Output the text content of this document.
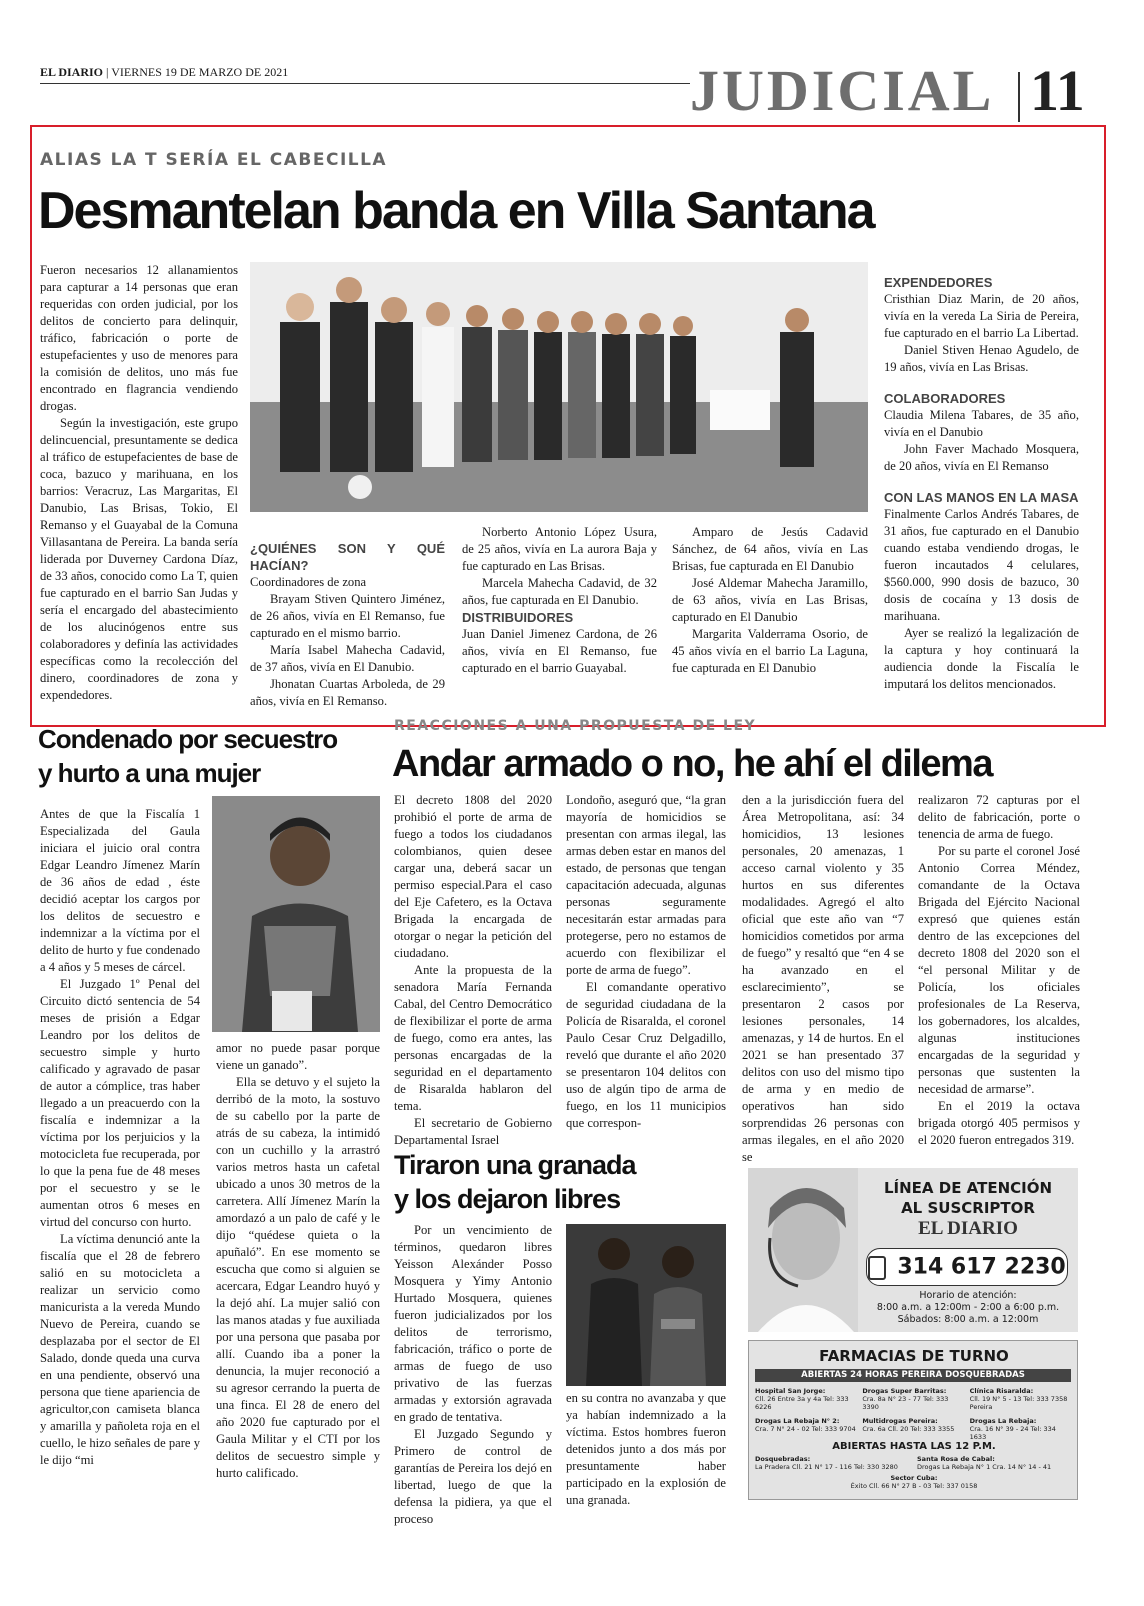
EL DIARIO | VIERNES 19 DE MARZO DE 2021	JUDICIAL 11
ALIAS LA T SERÍA EL CABECILLA
Desmantelan banda en Villa Santana

Fueron necesarios 12 allanamientos para capturar a 14 personas que eran requeridas con orden judicial, por los delitos de concierto para delinquir, tráfico, fabricación o porte de estupefacientes y uso de menores para la comisión de delitos, uno más fue encontrado en flagrancia vendiendo drogas.

Según la investigación, este grupo delincuencial, presuntamente se dedica al tráfico de estupefacientes de base de coca, bazuco y marihuana, en los barrios: Veracruz, Las Margaritas, El Danubio, Las Brisas, Tokio, El Remanso y el Guayabal de la Comuna Villasantana de Pereira. La banda sería liderada por Duverney Cardona Díaz, de 33 años, conocido como La T, quien fue capturado en el barrio San Judas y sería el encargado del abastecimiento de los alucinógenos entre sus colaboradores y definía las actividades específicas como la recolección del dinero, coordinadores de zona y expendedores.

¿QUIÉNES SON Y QUÉ HACÍAN?

Coordinadores de zona

Brayam Stiven Quintero Jiménez, de 26 años, vivía en El Remanso, fue capturado en el mismo barrio.

María Isabel Mahecha Cadavid, de 37 años, vivía en El Danubio.

Jhonatan Cuartas Arboleda, de 29 años, vivía en El Remanso.

Norberto Antonio López Usura, de 25 años, vivía en La aurora Baja y fue capturado en Las Brisas.

Marcela Mahecha Cadavid, de 32 años, fue capturada en El Danubio.

DISTRIBUIDORES

Juan Daniel Jimenez Cardona, de 26 años, vivía en El Remanso, fue capturado en el barrio Guayabal.

Amparo de Jesús Cadavid Sánchez, de 64 años, vivía en Las Brisas, fue capturada en El Danubio

José Aldemar Mahecha Jaramillo, de 63 años, vivía en Las Brisas, capturado en El Danubio

Margarita Valderrama Osorio, de 45 años vivía en el barrio La Laguna, fue capturada en El Danubio

EXPENDEDORES

Cristhian Diaz Marin, de 20 años, vivía en la vereda La Siria de Pereira, fue capturado en el barrio La Libertad.

Daniel Stiven Henao Agudelo, de 19 años, vivía en Las Brisas.

COLABORADORES

Claudia Milena Tabares, de 35 año, vivía en el Danubio

John Faver Machado Mosquera, de 20 años, vivía en El Remanso

CON LAS MANOS EN LA MASA

Finalmente Carlos Andrés Tabares, de 31 años, fue capturado en el Danubio cuando estaba vendiendo drogas, le fueron incautados 4 celulares, $560.000, 990 dosis de bazuco, 30 dosis de cocaína y 13 dosis de marihuana.

Ayer se realizó la legalización de la captura y hoy continuará la audiencia donde la Fiscalía le imputará los delitos mencionados.

Condenado por secuestro
y hurto a una mujer

Antes de que la Fiscalía 1 Especializada del Gaula iniciara el juicio oral contra Edgar Leandro Jímenez Marín de 36 años de edad , éste decidió aceptar los cargos por los delitos de secuestro e indemnizar a la víctima por el delito de hurto y fue condenado a 4 años y 5 meses de cárcel.

El Juzgado 1º Penal del Circuito dictó sentencia de 54 meses de prisión a Edgar Leandro por los delitos de secuestro simple y hurto calificado y agravado de pasar de autor a cómplice, tras haber llegado a un preacuerdo con la fiscalía e indemnizar a la víctima por los perjuicios y la motocicleta fue recuperada, por lo que la pena fue de 48 meses por el secuestro y se le aumentan otros 6 meses en virtud del concurso con hurto.

La víctima denunció ante la fiscalía que el 28 de febrero salió en su motocicleta a realizar un servicio como manicurista a la vereda Mundo Nuevo de Pereira, cuando se desplazaba por el sector de El Salado, donde queda una curva en una pendiente, observó una persona que tiene apariencia de agricultor,con camiseta blanca y amarilla y pañoleta roja en el cuello, le hizo señales de pare y le dijo “mi

amor no puede pasar porque viene un ganado”.

Ella se detuvo y el sujeto la derribó de la moto, la sostuvo de su cabello por la parte de atrás de su cabeza, la intimidó con un cuchillo y la arrastró varios metros hasta un cafetal ubicado a unos 30 metros de la carretera. Allí Jímenez Marín la amordazó a un palo de café y le dijo “quédese quieta o la apuñaló”. En ese momento se escucha que como si alguien se acercara, Edgar Leandro huyó y la dejó ahí. La mujer salió con las manos atadas y fue auxiliada por una persona que pasaba por allí. Cuando iba a poner la denuncia, la mujer reconoció a su agresor cerrando la puerta de una finca. El 28 de enero del año 2020 fue capturado por el Gaula Militar y el CTI por los delitos de secuestro simple y hurto calificado.

REACCIONES A UNA PROPUESTA DE LEY
Andar armado o no, he ahí el dilema

El decreto 1808 del 2020 prohibió el porte de arma de fuego a todos los ciudadanos colombianos, quien desee cargar una, deberá sacar un permiso especial.Para el caso del Eje Cafetero, es la Octava Brigada la encargada de otorgar o negar la petición del ciudadano.

Ante la propuesta de la senadora María Fernanda Cabal, del Centro Democrático de flexibilizar el porte de arma de fuego, como era antes, las personas encargadas de la seguridad en el departamento de Risaralda hablaron del tema.

El secretario de Gobierno Departamental Israel

Londoño, aseguró que, “la gran mayoría de homicidios se presentan con armas ilegal, las armas deben estar en manos del estado, de personas que tengan capacitación adecuada, algunas personas seguramente necesitarán estar armadas para protegerse, pero no estamos de acuerdo con flexibilizar el porte de arma de fuego”.

El comandante operativo de seguridad ciudadana de la Policía de Risaralda, el coronel Paulo Cesar Cruz Delgadillo, reveló que durante el año 2020 se presentaron 104 delitos con uso de algún tipo de arma de fuego, en los 11 municipios que correspon-

den a la jurisdicción fuera del Área Metropolitana, así: 34 homicidios, 13 lesiones personales, 20 amenazas, 1 acceso carnal violento y 35 hurtos en sus diferentes modalidades. Agregó el alto oficial que este año van “7 homicidios cometidos por arma de fuego” y resaltó que “en 4 se ha avanzado en el esclarecimiento”, se presentaron 2 casos por lesiones personales, 14 amenazas, y 14 de hurtos. En el 2021 se han presentado 37 delitos con uso del mismo tipo de arma y en medio de operativos han sido sorprendidas 26 personas con armas ilegales, en el año 2020 se

realizaron 72 capturas por el delito de fabricación, porte o tenencia de arma de fuego.

Por su parte el coronel José Antonio Correa Méndez, comandante de la Octava Brigada del Ejército Nacional expresó que quienes están dentro de las excepciones del decreto 1808 del 2020 son el “el personal Militar y de Policía, los oficiales profesionales de La Reserva, los gobernadores, los alcaldes, algunas instituciones encargadas de la seguridad y personas que sustenten la necesidad de armarse”.

En el 2019 la octava brigada otorgó 405 permisos y el 2020 fueron entregados 319.

Tiraron una granada
y los dejaron libres

Por un vencimiento de términos, quedaron libres Yeisson Alexánder Posso Mosquera y Yimy Antonio Hurtado Mosquera, quienes fueron judicializados por los delitos de terrorismo, fabricación, tráfico o porte de armas de fuego de uso privativo de las fuerzas armadas y extorsión agravada en grado de tentativa.

El Juzgado Segundo y Primero de control de garantías de Pereira los dejó en libertad, luego de que la defensa la pidiera, ya que el proceso

en su contra no avanzaba y que ya habían indemnizado a la víctima. Estos hombres fueron detenidos junto a dos más por presuntamente haber participado en la explosión de una granada.

LÍNEA DE ATENCIÓN
AL SUSCRIPTOR
EL DIARIO
314 617 2230
Horario de atención:
8:00 a.m. a 12:00m - 2:00 a 6:00 p.m.
Sábados: 8:00 a.m. a 12:00m
FARMACIAS DE TURNO
ABIERTAS 24 HORAS PEREIRA DOSQUEBRADAS
Hospital San Jorge:
Cll. 26 Entre 3a y 4a Tel: 333 6226
Drogas Super Barritas:
Cra. 8a N° 23 - 77 Tel: 333 3390
Clínica Risaralda:
Cll. 19 N° 5 - 13 Tel: 333 7358 Pereira
Drogas La Rebaja N° 2:
Cra. 7 N° 24 - 02 Tel: 333 9704
Multidrogas Pereira:
Cra. 6a Cll. 20 Tel: 333 3355
Drogas La Rebaja:
Cra. 16 N° 39 - 24 Tel: 334 1633
ABIERTAS HASTA LAS 12 P.M.
Dosquebradas:
La Pradera Cll. 21 N° 17 - 116 Tel: 330 3280
Santa Rosa de Cabal:
Drogas La Rebaja N° 1 Cra. 14 N° 14 - 41
Sector Cuba:
Éxito Cll. 66 N° 27 B - 03 Tel: 337 0158
